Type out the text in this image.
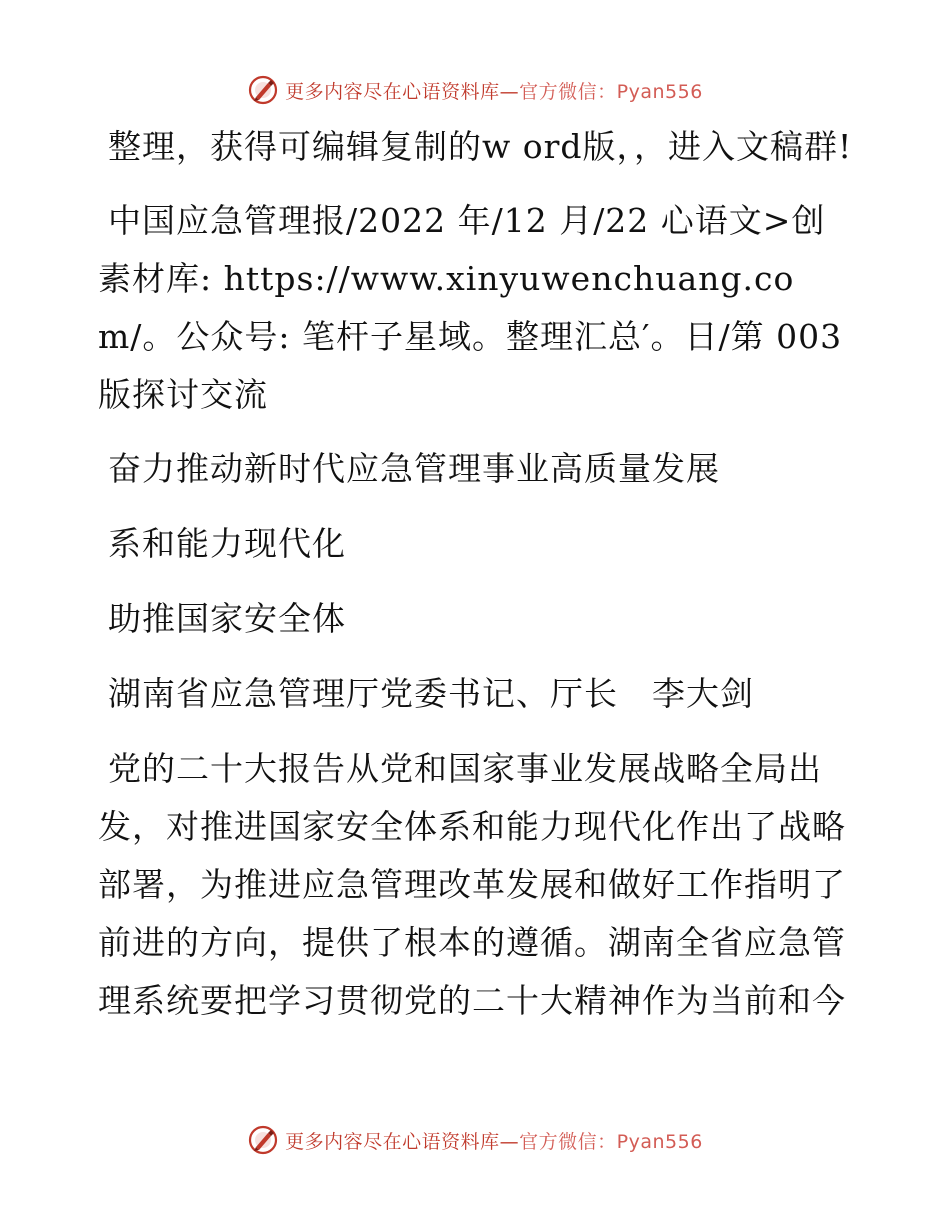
更多内容尽在心语资料库—官方微信：Pyan556

整理，获得可编辑复制的w ord版，，进入文稿群!

中国应急管理报/2022 年/12 月/22 心语文>创素材库: https://www.xinyuwenchuang.com/。公众号: 笔杆子星域。整理汇总′。日/第 003 版探讨交流

奋力推动新时代应急管理事业高质量发展

系和能力现代化

助推国家安全体

湖南省应急管理厅党委书记、厅长　李大剑

党的二十大报告从党和国家事业发展战略全局出发，对推进国家安全体系和能力现代化作出了战略部署，为推进应急管理改革发展和做好工作指明了前进的方向，提供了根本的遵循。湖南全省应急管理系统要把学习贯彻党的二十大精神作为当前和今

更多内容尽在心语资料库—官方微信：Pyan556
